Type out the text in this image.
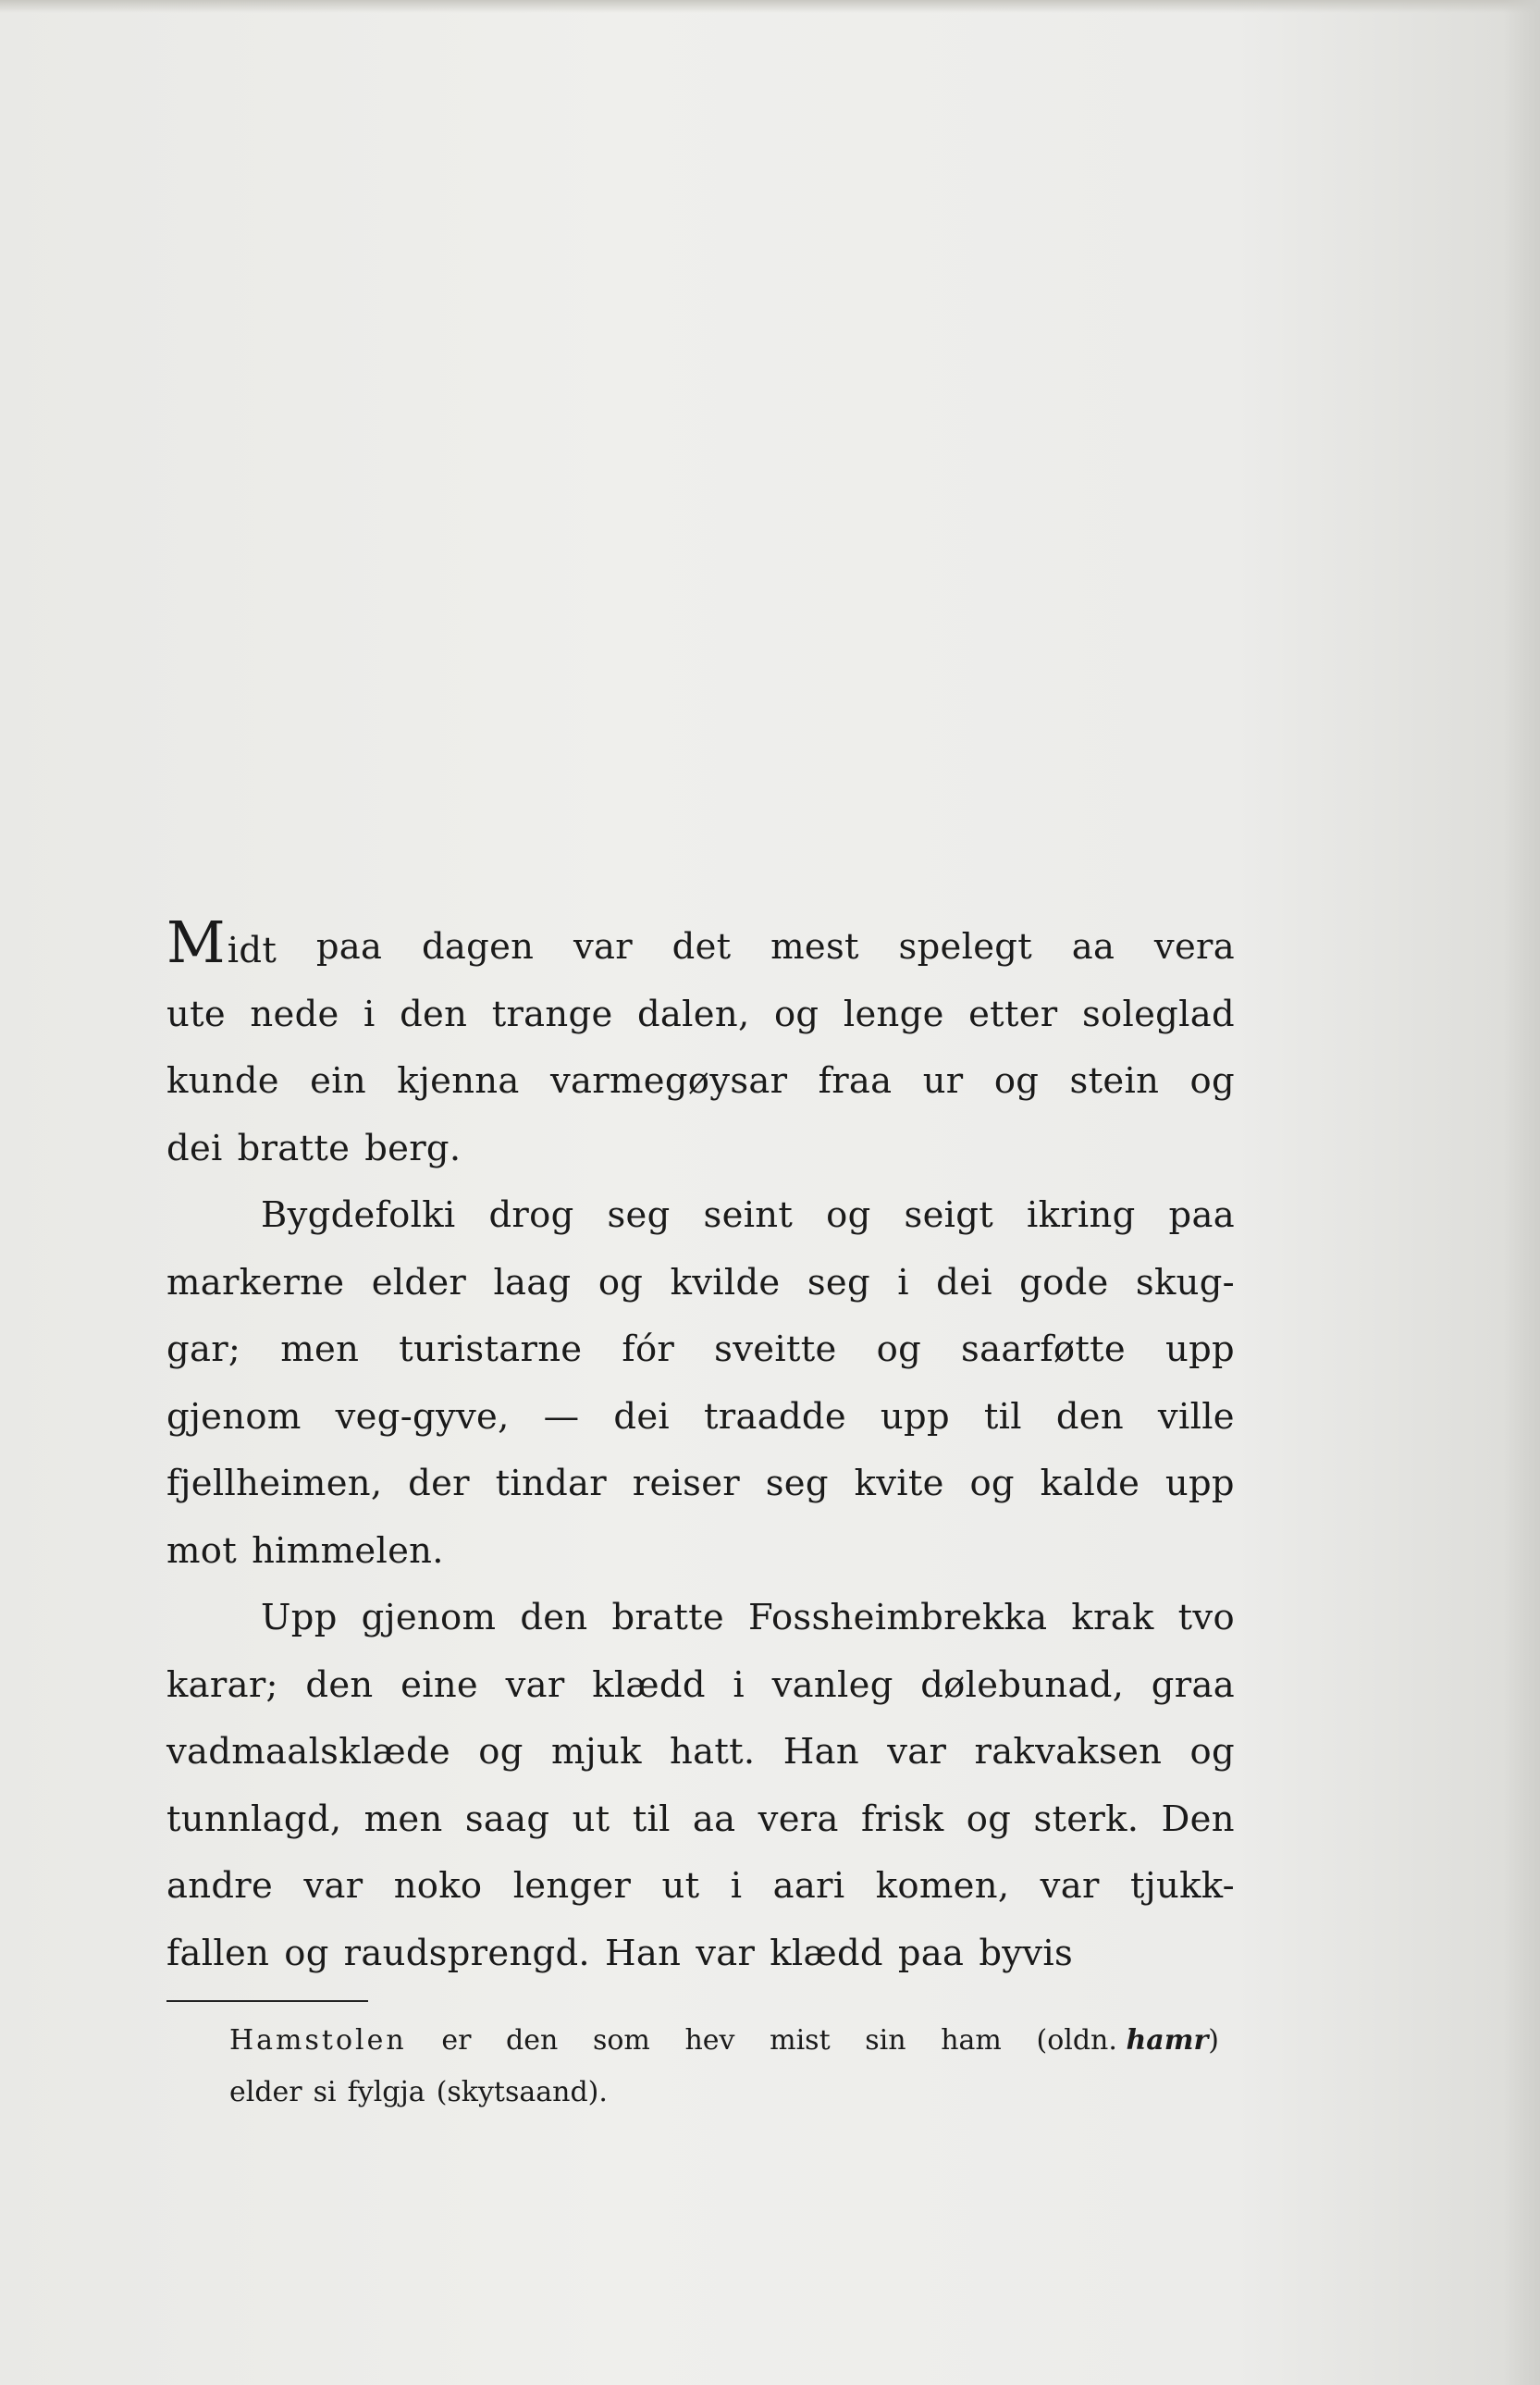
M idt paa dagen var det mest spelegt aa vera
ute nede i den trange dalen, og lenge etter soleglad
kunde ein kjenna varmegøysar fraa ur og stein og
dei bratte berg.
Bygdefolki drog seg seint og seigt ikring paa
markerne elder laag og kvilde seg i dei gode skug-
gar; men turistarne fór sveitte og saarføtte upp
gjenom veg-gyve, — dei traadde upp til den ville
fjellheimen, der tindar reiser seg kvite og kalde upp
mot himmelen.
Upp gjenom den bratte Fossheimbrekka krak tvo
karar; den eine var klædd i vanleg dølebunad, graa
vadmaalsklæde og mjuk hatt. Han var rakvaksen og
tunnlagd, men saag ut til aa vera frisk og sterk. Den
andre var noko lenger ut i aari komen, var tjukk-
fallen og raudsprengd. Han var klædd paa byvis
Hamstolen er den som hev mist sin ham (oldn. hamr)
elder si fylgja (skytsaand).
